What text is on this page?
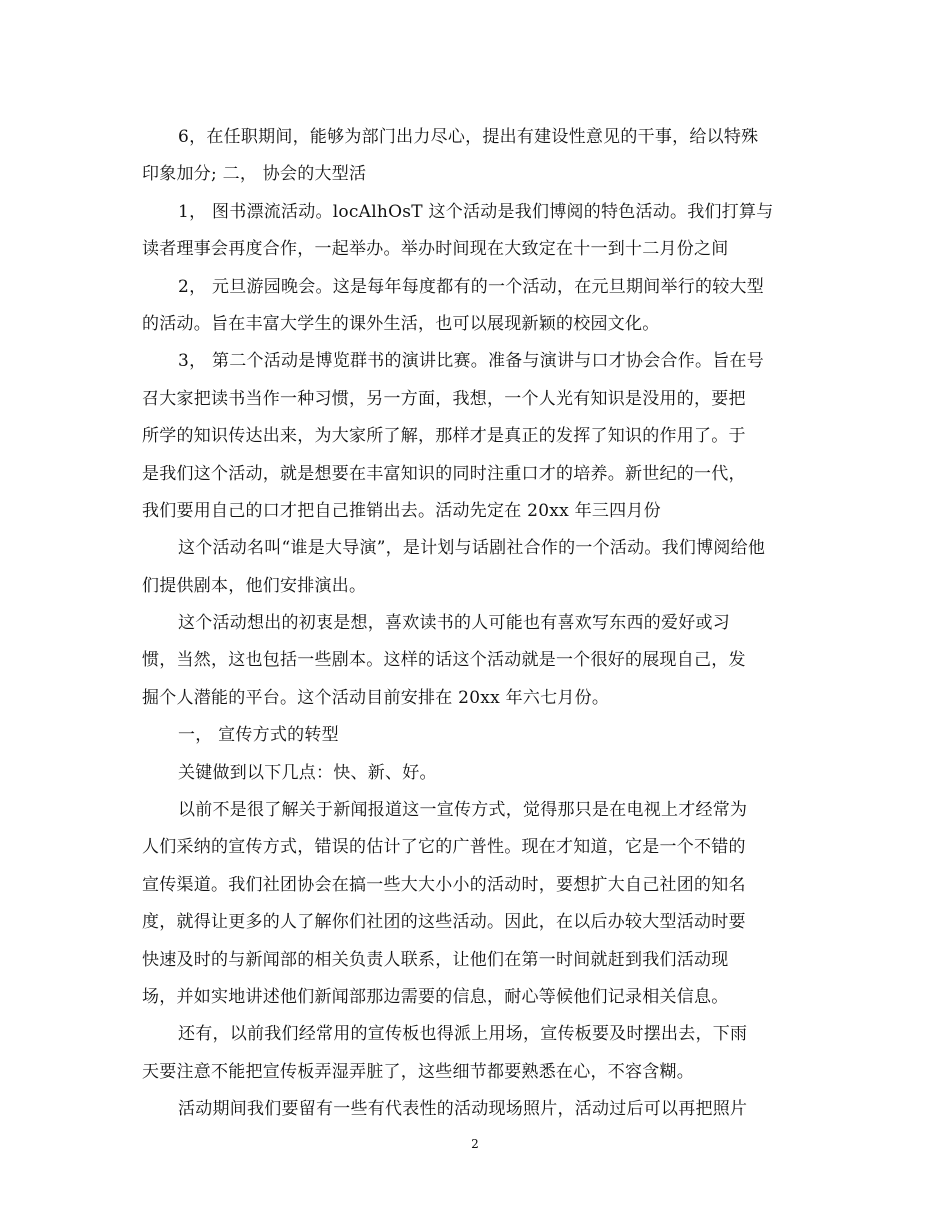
6，在任职期间，能够为部门出力尽心，提出有建设性意见的干事，给以特殊
印象加分; 二， 协会的大型活
1， 图书漂流活动。locAlhOsT 这个活动是我们博阅的特色活动。我们打算与
读者理事会再度合作，一起举办。举办时间现在大致定在十一到十二月份之间
2， 元旦游园晚会。这是每年每度都有的一个活动，在元旦期间举行的较大型
的活动。旨在丰富大学生的课外生活，也可以展现新颖的校园文化。
3， 第二个活动是博览群书的演讲比赛。准备与演讲与口才协会合作。旨在号
召大家把读书当作一种习惯，另一方面，我想，一个人光有知识是没用的，要把
所学的知识传达出来，为大家所了解，那样才是真正的发挥了知识的作用了。于
是我们这个活动，就是想要在丰富知识的同时注重口才的培养。新世纪的一代，
我们要用自己的口才把自己推销出去。活动先定在 20xx 年三四月份
这个活动名叫“谁是大导演”，是计划与话剧社合作的一个活动。我们博阅给他
们提供剧本，他们安排演出。
这个活动想出的初衷是想，喜欢读书的人可能也有喜欢写东西的爱好或习
惯，当然，这也包括一些剧本。这样的话这个活动就是一个很好的展现自己，发
掘个人潜能的平台。这个活动目前安排在 20xx 年六七月份。
一， 宣传方式的转型
关键做到以下几点：快、新、好。
以前不是很了解关于新闻报道这一宣传方式，觉得那只是在电视上才经常为
人们采纳的宣传方式，错误的估计了它的广普性。现在才知道，它是一个不错的
宣传渠道。我们社团协会在搞一些大大小小的活动时，要想扩大自己社团的知名
度，就得让更多的人了解你们社团的这些活动。因此，在以后办较大型活动时要
快速及时的与新闻部的相关负责人联系，让他们在第一时间就赶到我们活动现
场，并如实地讲述他们新闻部那边需要的信息，耐心等候他们记录相关信息。
还有，以前我们经常用的宣传板也得派上用场，宣传板要及时摆出去，下雨
天要注意不能把宣传板弄湿弄脏了，这些细节都要熟悉在心，不容含糊。
活动期间我们要留有一些有代表性的活动现场照片，活动过后可以再把照片
2
